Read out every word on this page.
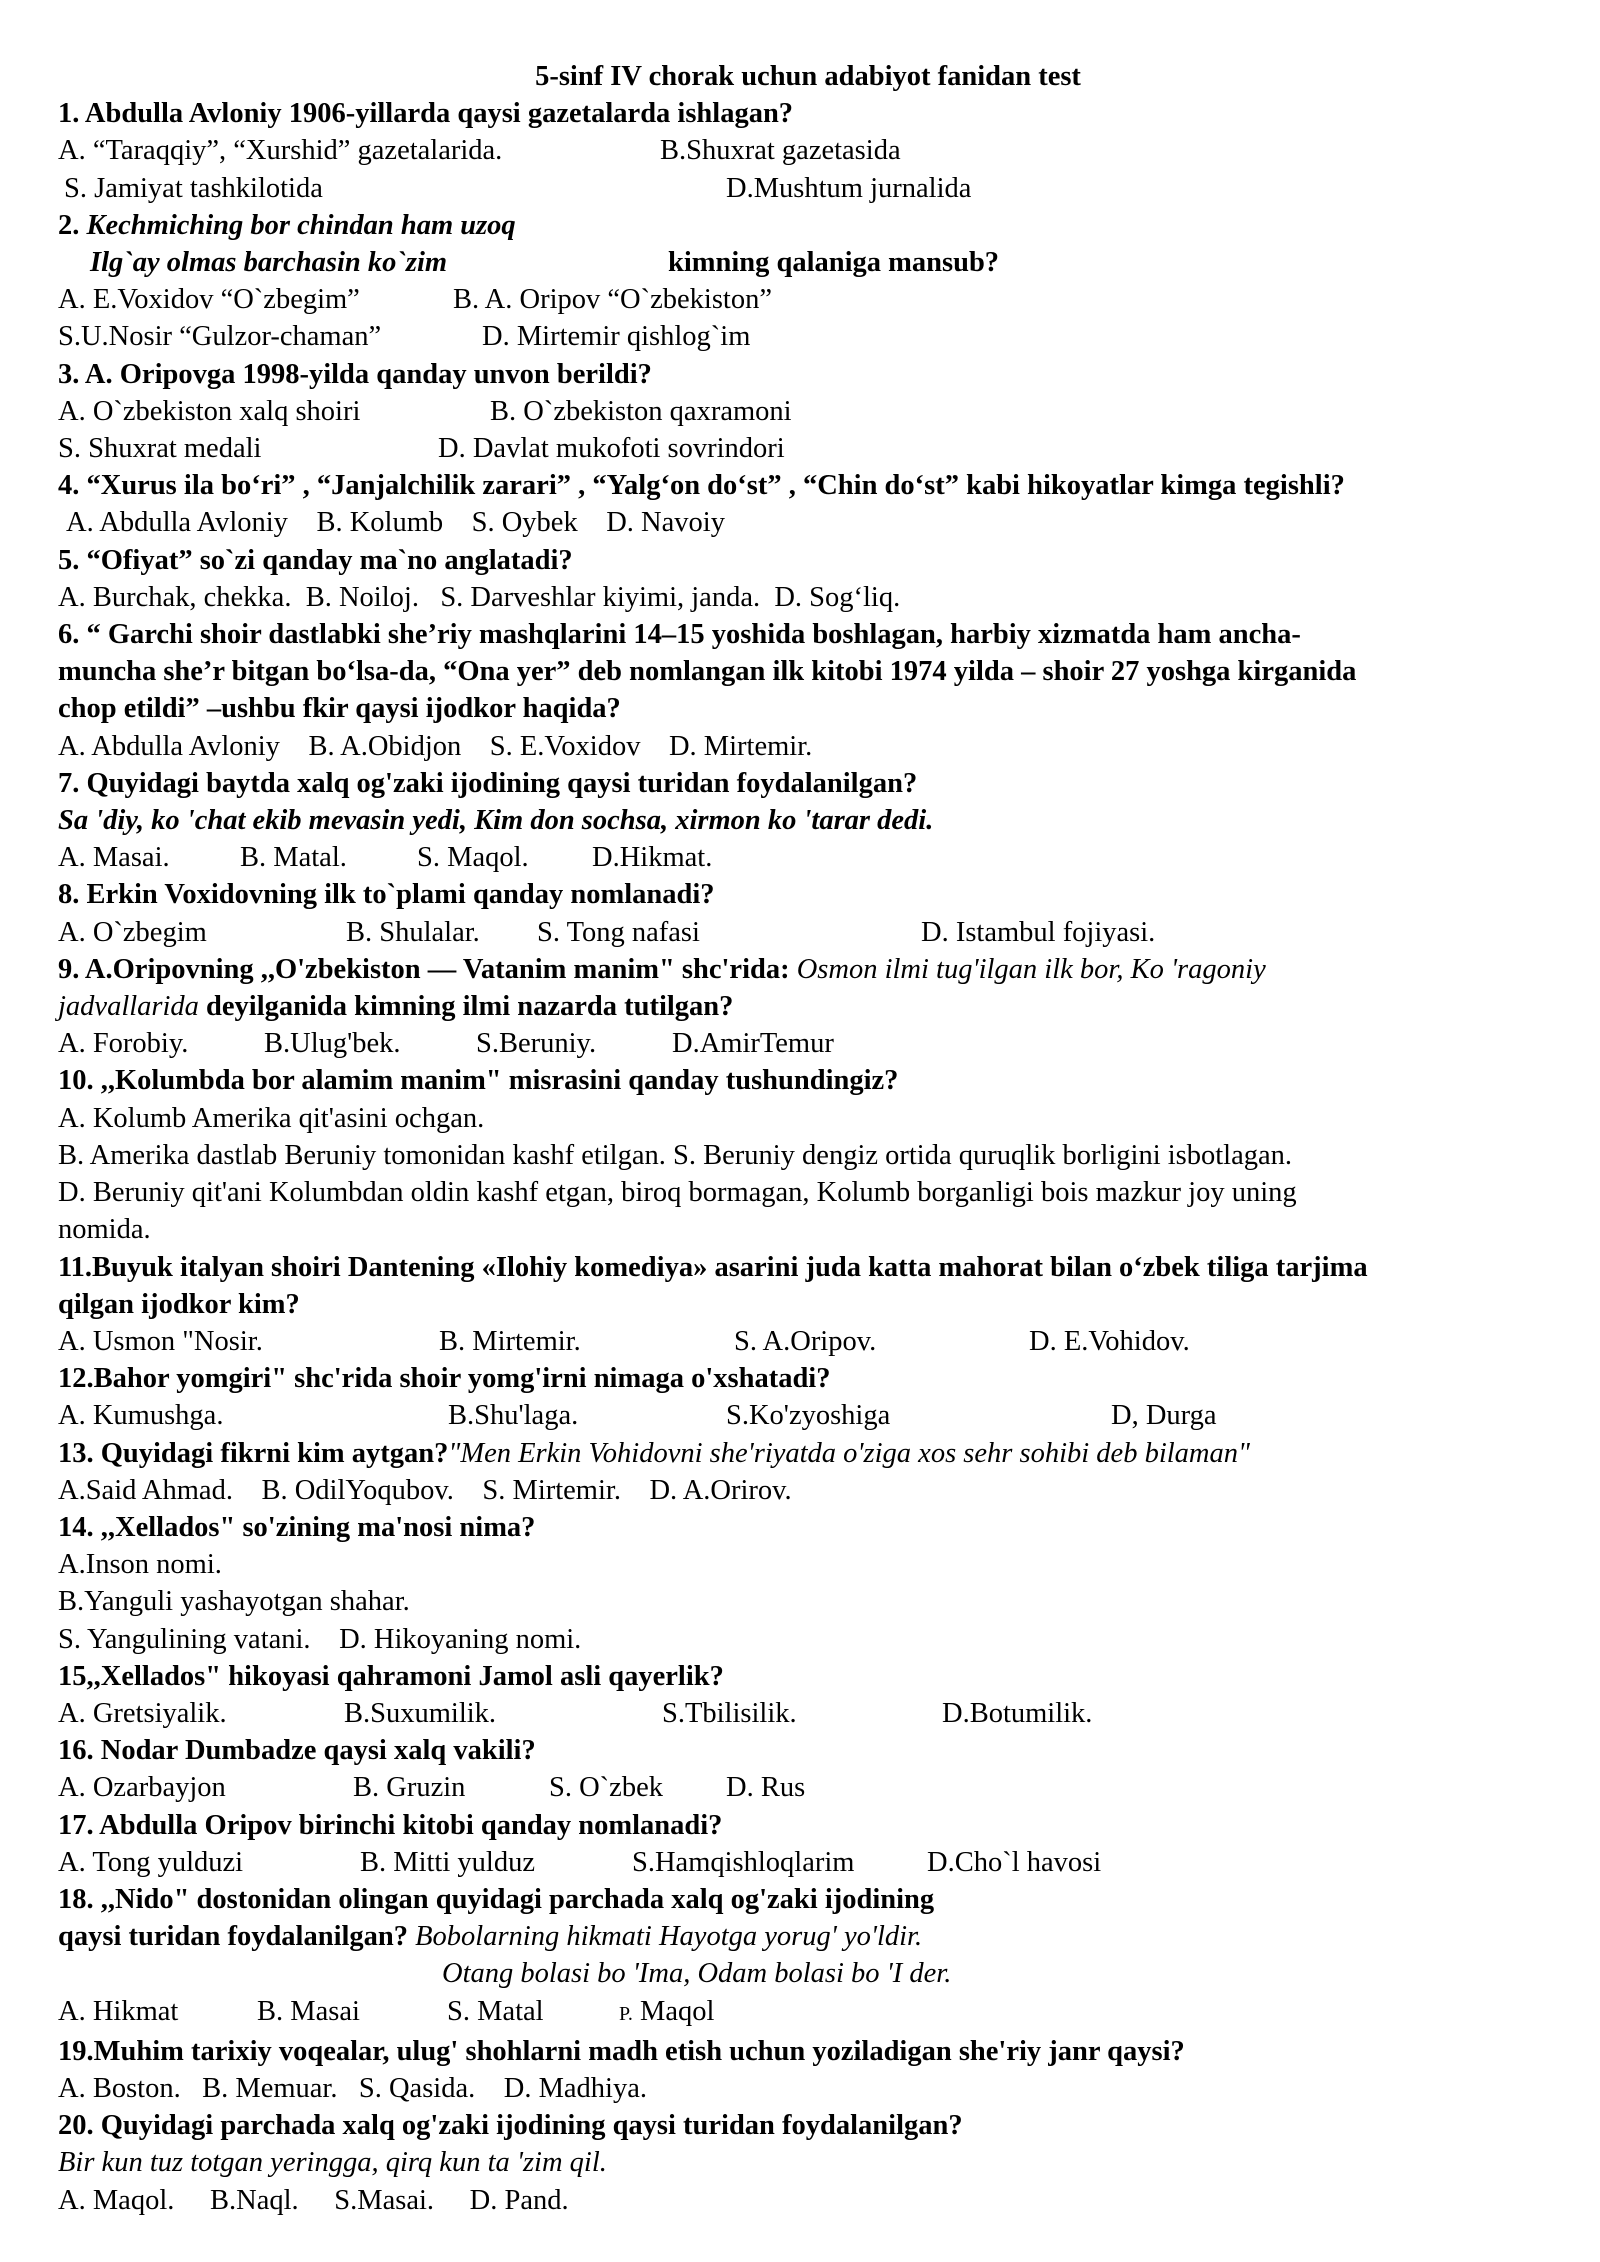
5-sinf IV chorak uchun adabiyot fanidan test
1. Abdulla Avloniy 1906-yillarda qaysi gazetalarda ishlagan?
A. “Taraqqiy”, “Xurshid” gazetalarida.	B.Shuxrat gazetasida
S. Jamiyat tashkilotida	D.Mushtum jurnalida
2. Kechmiching bor chindan ham uzoq
Ilg`ay olmas barchasin ko`zim	kimning qalaniga mansub?
A. E.Voxidov “O`zbegim”	B. A. Oripov “O`zbekiston”
S.U.Nosir “Gulzor-chaman”	D. Mirtemir qishlog`im
3. A. Oripovga 1998-yilda qanday unvon berildi?
A. O`zbekiston xalq shoiri	B. O`zbekiston qaxramoni
S. Shuxrat medali	D. Davlat mukofoti sovrindori
4. “Xurus ila bo‘ri” , “Janjalchilik zarari” , “Yalg‘on do‘st” , “Chin do‘st” kabi hikoyatlar kimga tegishli?
A. Abdulla Avloniy B. Kolumb S. Oybek D. Navoiy
5. “Ofiyat” so`zi qanday ma`no anglatadi?
A. Burchak, chekka. B. Noiloj. S. Darveshlar kiyimi, janda. D. Sog‘liq.
6. “ Garchi shoir dastlabki she’riy mashqlarini 14–15 yoshida boshlagan, harbiy xizmatda ham ancha-
muncha she’r bitgan bo‘lsa-da, “Ona yer” deb nomlangan ilk kitobi 1974 yilda – shoir 27 yoshga kirganida
chop etildi” –ushbu fkir qaysi ijodkor haqida?
A. Abdulla Avloniy B. A.Obidjon S. E.Voxidov D. Mirtemir.
7. Quyidagi baytda xalq og'zaki ijodining qaysi turidan foydalanilgan?
Sa 'diy, ko 'chat ekib mevasin yedi, Kim don sochsa, xirmon ko 'tarar dedi.
A. Masai. B. Matal. S. Maqol. D.Hikmat.
8. Erkin Voxidovning ilk to`plami qanday nomlanadi?
A. O`zbegim	B. Shulalar. S. Tong nafasi	D. Istambul fojiyasi.
9. A.Oripovning ,,O'zbekiston — Vatanim manim" shc'rida: Osmon ilmi tug'ilgan ilk bor, Ko 'ragoniy
jadvallarida deyilganida kimning ilmi nazarda tutilgan?
A. Forobiy.	B.Ulug'bek.	S.Beruniy.	D.AmirTemur
10. ,,Kolumbda bor alamim manim" misrasini qanday tushundingiz?
A. Kolumb Amerika qit'asini ochgan.
B. Amerika dastlab Beruniy tomonidan kashf etilgan. S. Beruniy dengiz ortida quruqlik borligini isbotlagan.
D. Beruniy qit'ani Kolumbdan oldin kashf etgan, biroq bormagan, Kolumb borganligi bois mazkur joy uning
nomida.
11.Buyuk italyan shoiri Dantening «Ilohiy komediya» asarini juda katta mahorat bilan o‘zbek tiliga tarjima
qilgan ijodkor kim?
A. Usmon "Nosir.	B. Mirtemir.	S. A.Oripov.	D. E.Vohidov.
12.Bahor yomgiri" shc'rida shoir yomg'irni nimaga o'xshatadi?
A. Kumushga.	B.Shu'laga.	S.Ko'zyoshiga	D, Durga
13. Quyidagi fikrni kim aytgan?"Men Erkin Vohidovni she'riyatda o'ziga xos sehr sohibi deb bilaman"
A.Said Ahmad. B. OdilYoqubov. S. Mirtemir. D. A.Orirov.
14. ,,Xellados" so'zining ma'nosi nima?
A.Inson nomi.
B.Yanguli yashayotgan shahar.
S. Yangulining vatani. D. Hikoyaning nomi.
15,,Xellados" hikoyasi qahramoni Jamol asli qayerlik?
A. Gretsiyalik.	B.Suxumilik.	S.Tbilisilik.	D.Botumilik.
16. Nodar Dumbadze qaysi xalq vakili?
A. Ozarbayjon	B. Gruzin	S. O`zbek D. Rus
17. Abdulla Oripov birinchi kitobi qanday nomlanadi?
A. Tong yulduzi	B. Mitti yulduz	S.Hamqishloqlarim	D.Cho`l havosi
18. ,,Nido" dostonidan olingan quyidagi parchada xalq og'zaki ijodining
qaysi turidan foydalanilgan? Bobolarning hikmati Hayotga yorug' yo'ldir.
Otang bolasi bo 'Ima, Odam bolasi bo 'I der.
A. Hikmat	B. Masai	S. Matal	P. Maqol
19.Muhim tarixiy voqealar, ulug' shohlarni madh etish uchun yoziladigan she'riy janr qaysi?
A. Boston. B. Memuar. S. Qasida. D. Madhiya.
20. Quyidagi parchada xalq og'zaki ijodining qaysi turidan foydalanilgan?
Bir kun tuz totgan yeringga, qirq kun ta 'zim qil.
A. Maqol. B.Naql. S.Masai. D. Pand.
